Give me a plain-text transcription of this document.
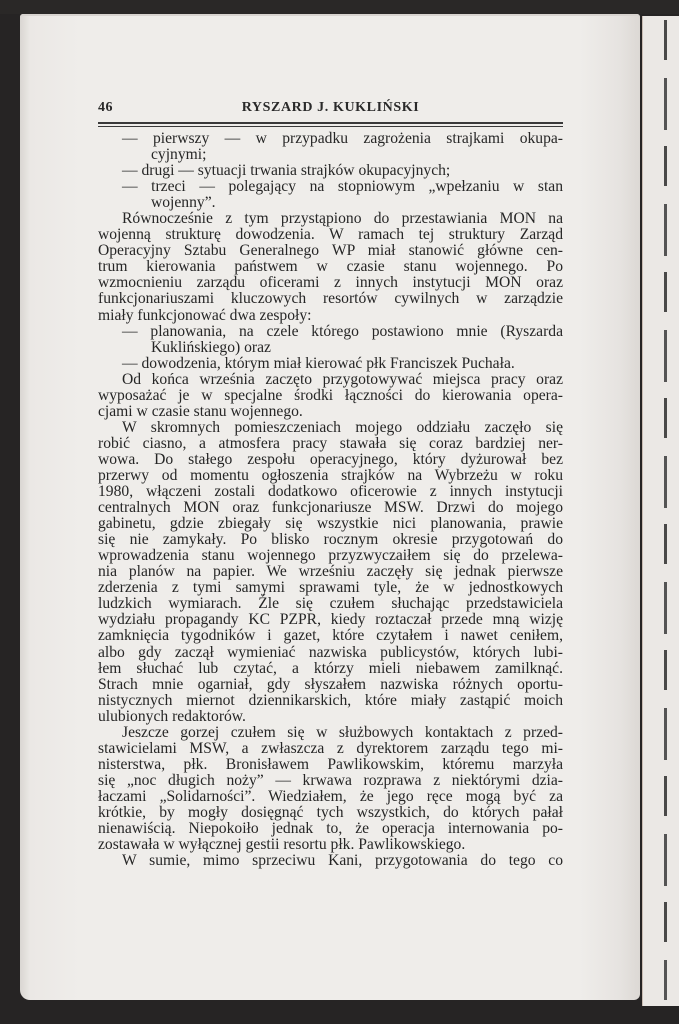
46	RYSZARD J. KUKLIŃSKI
— pierwszy — w przypadku zagrożenia strajkami okupa-
cyjnymi;
— drugi — sytuacji trwania strajków okupacyjnych;
— trzeci — polegający na stopniowym „wpełzaniu w stan
wojenny”.
Równocześnie z tym przystąpiono do przestawiania MON na
wojenną strukturę dowodzenia. W ramach tej struktury Zarząd
Operacyjny Sztabu Generalnego WP miał stanowić główne cen-
trum kierowania państwem w czasie stanu wojennego. Po
wzmocnieniu zarządu oficerami z innych instytucji MON oraz
funkcjonariuszami kluczowych resortów cywilnych w zarządzie
miały funkcjonować dwa zespoły:
— planowania, na czele którego postawiono mnie (Ryszarda
Kuklińskiego) oraz
— dowodzenia, którym miał kierować płk Franciszek Puchała.
Od końca września zaczęto przygotowywać miejsca pracy oraz
wyposażać je w specjalne środki łączności do kierowania opera-
cjami w czasie stanu wojennego.
W skromnych pomieszczeniach mojego oddziału zaczęło się
robić ciasno, a atmosfera pracy stawała się coraz bardziej ner-
wowa. Do stałego zespołu operacyjnego, który dyżurował bez
przerwy od momentu ogłoszenia strajków na Wybrzeżu w roku
1980, włączeni zostali dodatkowo oficerowie z innych instytucji
centralnych MON oraz funkcjonariusze MSW. Drzwi do mojego
gabinetu, gdzie zbiegały się wszystkie nici planowania, prawie
się nie zamykały. Po blisko rocznym okresie przygotowań do
wprowadzenia stanu wojennego przyzwyczaiłem się do przelewa-
nia planów na papier. We wrześniu zaczęły się jednak pierwsze
zderzenia z tymi samymi sprawami tyle, że w jednostkowych
ludzkich wymiarach. Źle się czułem słuchając przedstawiciela
wydziału propagandy KC PZPR, kiedy roztaczał przede mną wizję
zamknięcia tygodników i gazet, które czytałem i nawet ceniłem,
albo gdy zaczął wymieniać nazwiska publicystów, których lubi-
łem słuchać lub czytać, a którzy mieli niebawem zamilknąć.
Strach mnie ogarniał, gdy słyszałem nazwiska różnych oportu-
nistycznych miernot dziennikarskich, które miały zastąpić moich
ulubionych redaktorów.
Jeszcze gorzej czułem się w służbowych kontaktach z przed-
stawicielami MSW, a zwłaszcza z dyrektorem zarządu tego mi-
nisterstwa, płk. Bronisławem Pawlikowskim, któremu marzyła
się „noc długich noży” — krwawa rozprawa z niektórymi dzia-
łaczami „Solidarności”. Wiedziałem, że jego ręce mogą być za
krótkie, by mogły dosięgnąć tych wszystkich, do których pałał
nienawiścią. Niepokoiło jednak to, że operacja internowania po-
zostawała w wyłącznej gestii resortu płk. Pawlikowskiego.
W sumie, mimo sprzeciwu Kani, przygotowania do tego co
